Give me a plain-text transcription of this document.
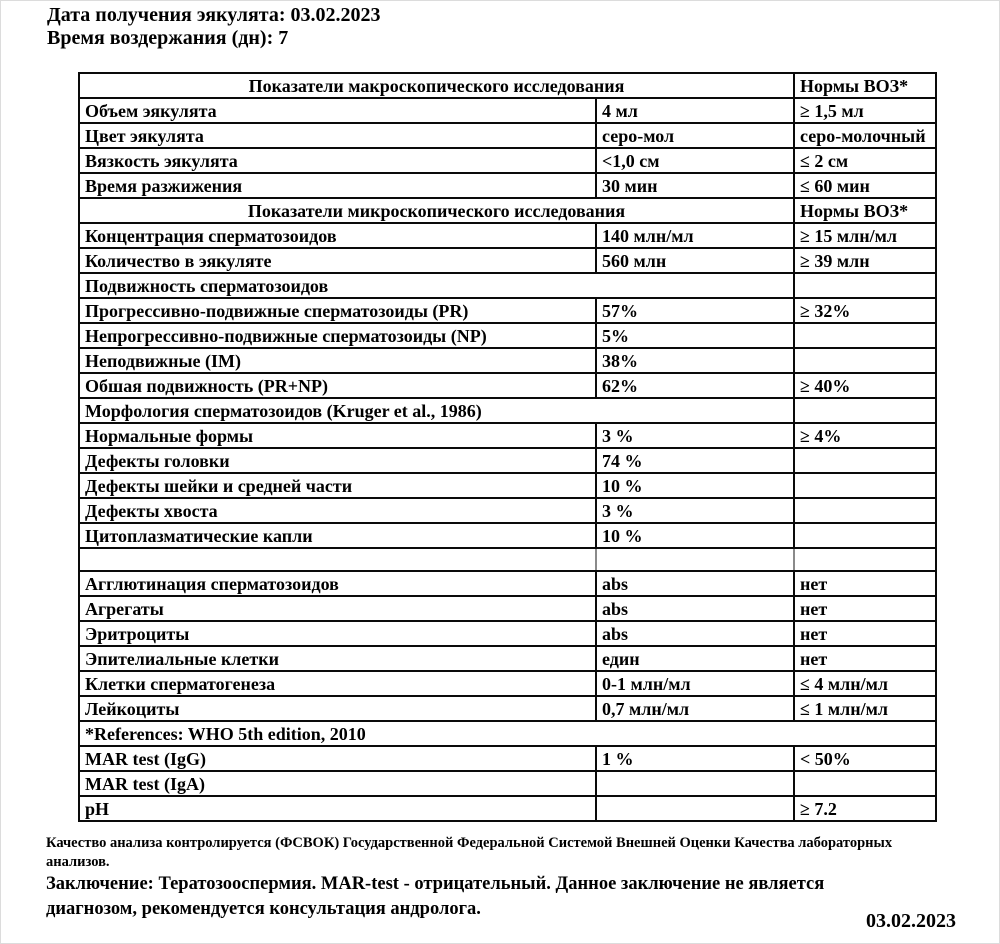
Дата получения эякулята: 03.02.2023
Время воздержания (дн): 7
Показатели макроскопического исследования		Нормы ВОЗ*
Объем эякулята	4 мл	≥ 1,5 мл
Цвет эякулята	серо-мол	серо-молочный
Вязкость эякулята	<1,0 см	≤ 2 см
Время разжижения	30 мин	≤ 60 мин
Показатели микроскопического исследования		Нормы ВОЗ*
Концентрация сперматозоидов	140 млн/мл	≥ 15 млн/мл
Количество в эякуляте	560 млн	≥ 39 млн
Подвижность сперматозоидов		
Прогрессивно-подвижные сперматозоиды (PR)	57%	≥ 32%
Непрогрессивно-подвижные сперматозоиды (NP)	5%	
Неподвижные (IM)	38%	
Обшая подвижность (PR+NP)	62%	≥ 40%
Морфология сперматозоидов (Kruger et al., 1986)		
Нормальные формы	3 %	≥ 4%
Дефекты головки	74 %	
Дефекты шейки и средней части	10 %	
Дефекты хвоста	3 %	
Цитоплазматические капли	10 %	

Агглютинация сперматозоидов	abs	нет
Агрегаты	abs	нет
Эритроциты	abs	нет
Эпителиальные клетки	един	нет
Клетки сперматогенеза	0-1 млн/мл	≤ 4 млн/мл
Лейкоциты	0,7 млн/мл	≤ 1 млн/мл
*References: WHO 5th edition, 2010		
MAR test (IgG)	1 %	< 50%
MAR test (IgA)		
pH		≥ 7.2
Качество анализа контролируется (ФСВОК) Государственной Федеральной Системой Внешней Оценки Качества лабораторных анализов.
Заключение: Тератозооспермия. MAR-test - отрицательный. Данное заключение не является диагнозом, рекомендуется консультация андролога.
03.02.2023
